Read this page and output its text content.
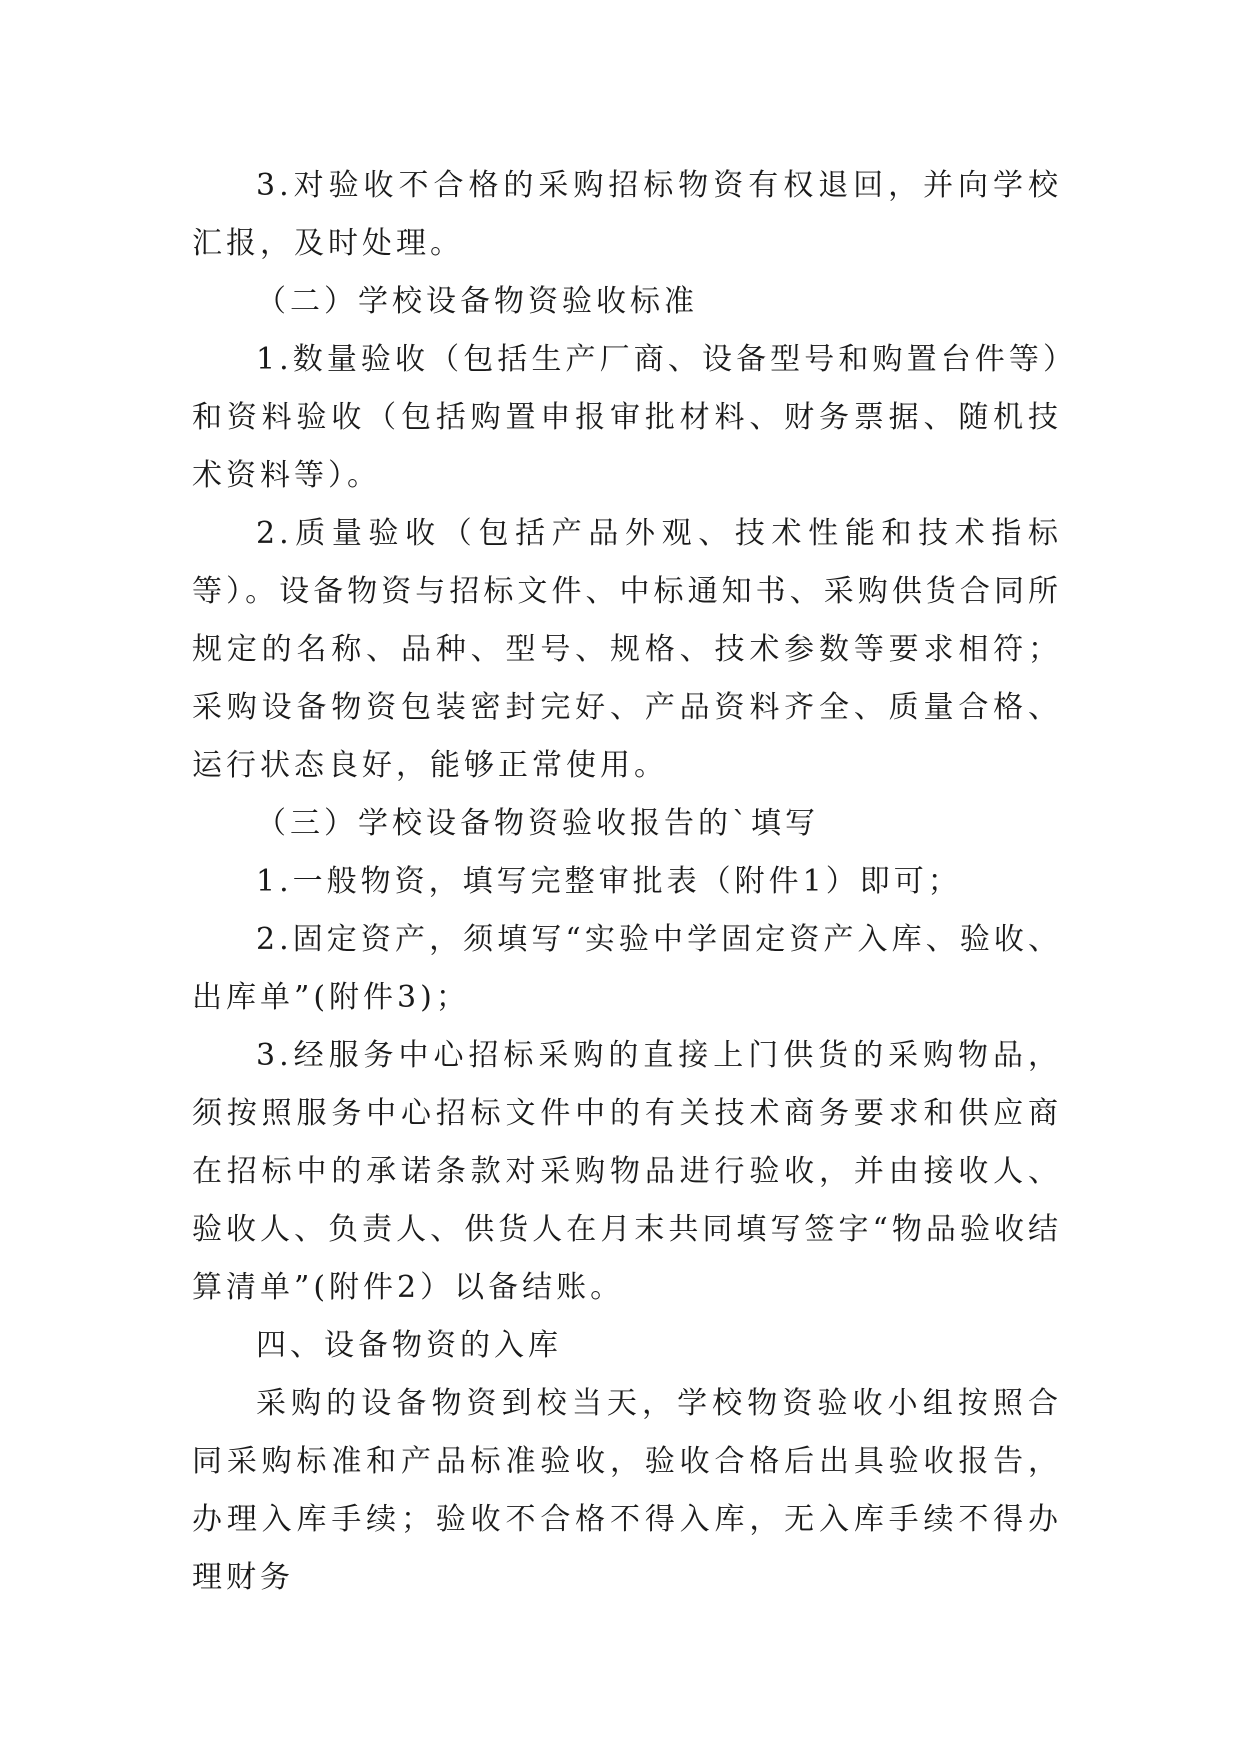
3.对验收不合格的采购招标物资有权退回，并向学校汇报，及时处理。

（二）学校设备物资验收标准

1.数量验收（包括生产厂商、设备型号和购置台件等）和资料验收（包括购置申报审批材料、财务票据、随机技术资料等）。

2.质量验收（包括产品外观、技术性能和技术指标等）。设备物资与招标文件、中标通知书、采购供货合同所规定的名称、品种、型号、规格、技术参数等要求相符；采购设备物资包装密封完好、产品资料齐全、质量合格、运行状态良好，能够正常使用。

（三）学校设备物资验收报告的`填写

1.一般物资，填写完整审批表（附件1）即可；

2.固定资产，须填写“实验中学固定资产入库、验收、出库单”(附件3)；

3.经服务中心招标采购的直接上门供货的采购物品，须按照服务中心招标文件中的有关技术商务要求和供应商在招标中的承诺条款对采购物品进行验收，并由接收人、验收人、负责人、供货人在月末共同填写签字“物品验收结算清单”(附件2）以备结账。

四、设备物资的入库

采购的设备物资到校当天，学校物资验收小组按照合同采购标准和产品标准验收，验收合格后出具验收报告，办理入库手续；验收不合格不得入库，无入库手续不得办理财务
